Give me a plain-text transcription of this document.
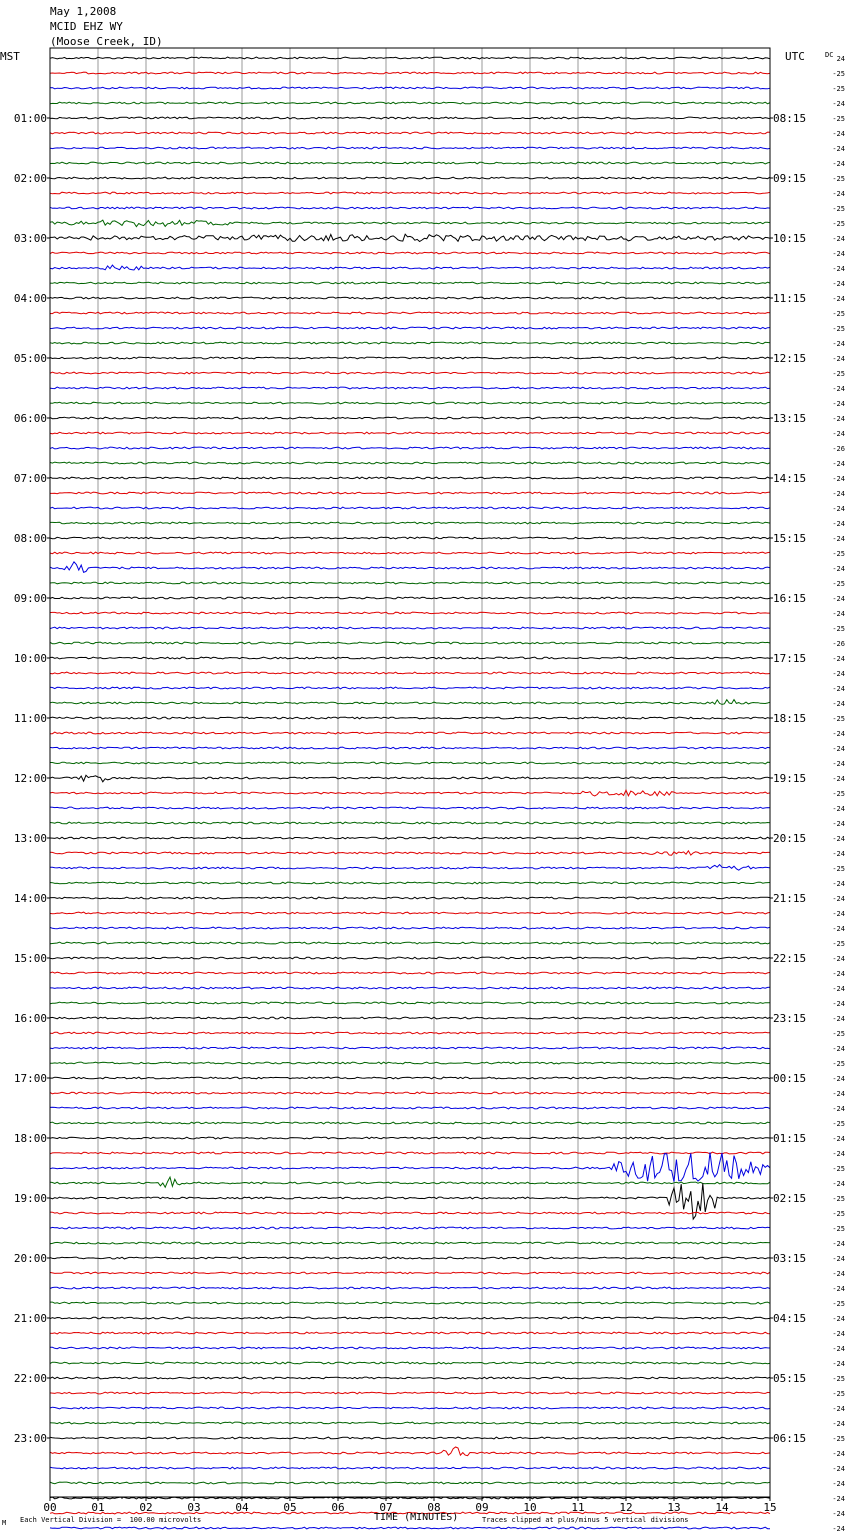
May 1,2008
MCID EHZ WY
(Moose Creek, ID)
MST	UTC
01:00
02:00
03:00
04:00
05:00
06:00
07:00
08:00
09:00
10:00
11:00
12:00
13:00
14:00
15:00
16:00
17:00
18:00
19:00
20:00
21:00
22:00
23:00
08:15
09:15
10:15
11:15
12:15
13:15
14:15
15:15
16:15
17:15
18:15
19:15
20:15
21:15
22:15
23:15
00:15
01:15
02:15
03:15
04:15
05:15
06:15
DC 24
-25
-25
-24
-25
-24
-24
-24
-25
-24
-25
-25
-24
-24
-24
-24
-24
-25
-25
-24
-24
-25
-24
-24
-24
-24
-26
-24
-24
-24
-24
-24
-24
-25
-24
-25
-24
-24
-25
-26
-24
-24
-24
-24
-25
-24
-24
-24
-24
-25
-24
-24
-24
-24
-25
-24
-24
-24
-24
-25
-24
-24
-24
-24
-24
-25
-24
-25
-24
-24
-24
-25
-24
-24
-25
-24
-25
-25
-25
-24
-24
-24
-24
-25
-24
-24
-24
-24
-25
-25
-24
-24
-25
-24
-24
-24
-24
-24
-24
00	01	02	03	04	05	06	07	08	09	10	11	12	13	14	15
TIME (MINUTES)
Each Vertical Division =  100.00 microvolts	Traces clipped at plus/minus 5 vertical divisions
M
